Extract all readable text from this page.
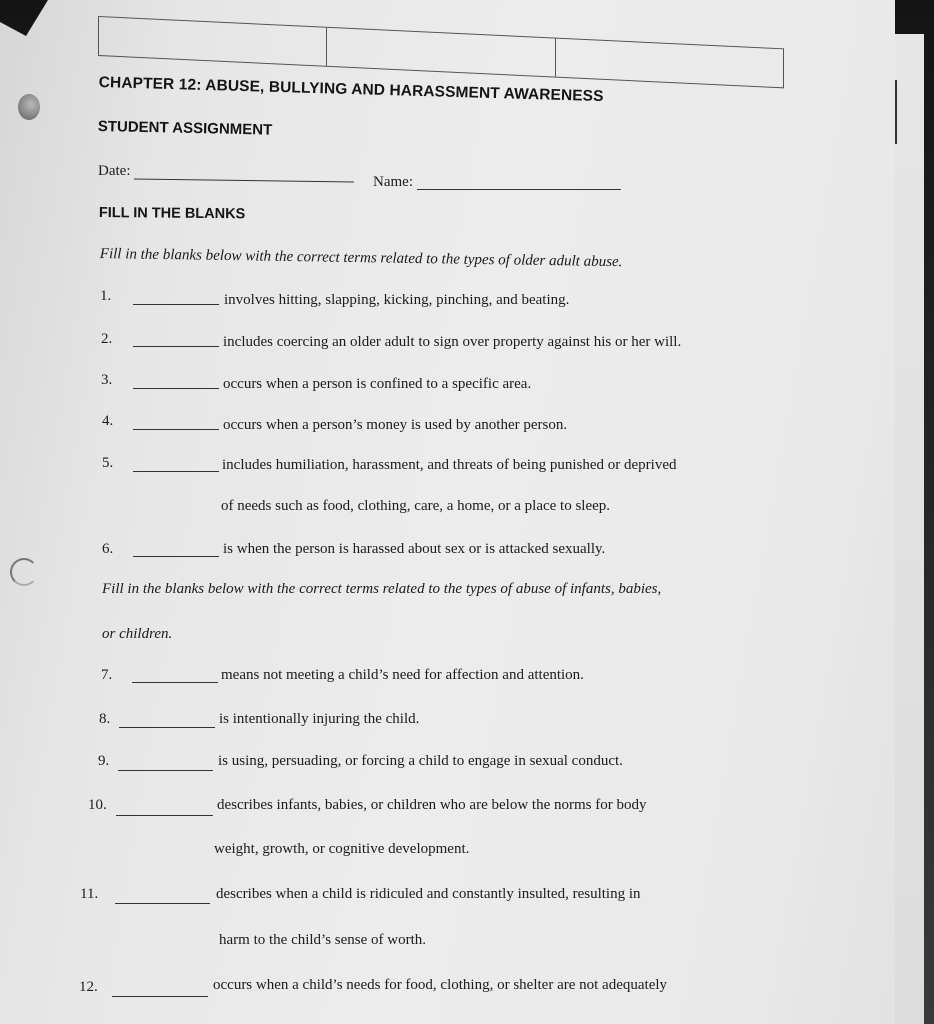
CHAPTER 12: ABUSE, BULLYING AND HARASSMENT AWARENESS
STUDENT ASSIGNMENT
Date:
Name:
FILL IN THE BLANKS
Fill in the blanks below with the correct terms related to the types of older adult abuse.
1.	involves hitting, slapping, kicking, pinching, and beating.
2.	includes coercing an older adult to sign over property against his or her will.
3.	occurs when a person is confined to a specific area.
4.	occurs when a person’s money is used by another person.
5.	includes humiliation, harassment, and threats of being punished or deprived
of needs such as food, clothing, care, a home, or a place to sleep.
6.	is when the person is harassed about sex or is attacked sexually.
Fill in the blanks below with the correct terms related to the types of abuse of infants, babies,
or children.
7.	means not meeting a child’s need for affection and attention.
8.	is intentionally injuring the child.
9.	is using, persuading, or forcing a child to engage in sexual conduct.
10.	describes infants, babies, or children who are below the norms for body
weight, growth, or cognitive development.
11.	describes when a child is ridiculed and constantly insulted, resulting in
harm to the child’s sense of worth.
12.	occurs when a child’s needs for food, clothing, or shelter are not adequately
